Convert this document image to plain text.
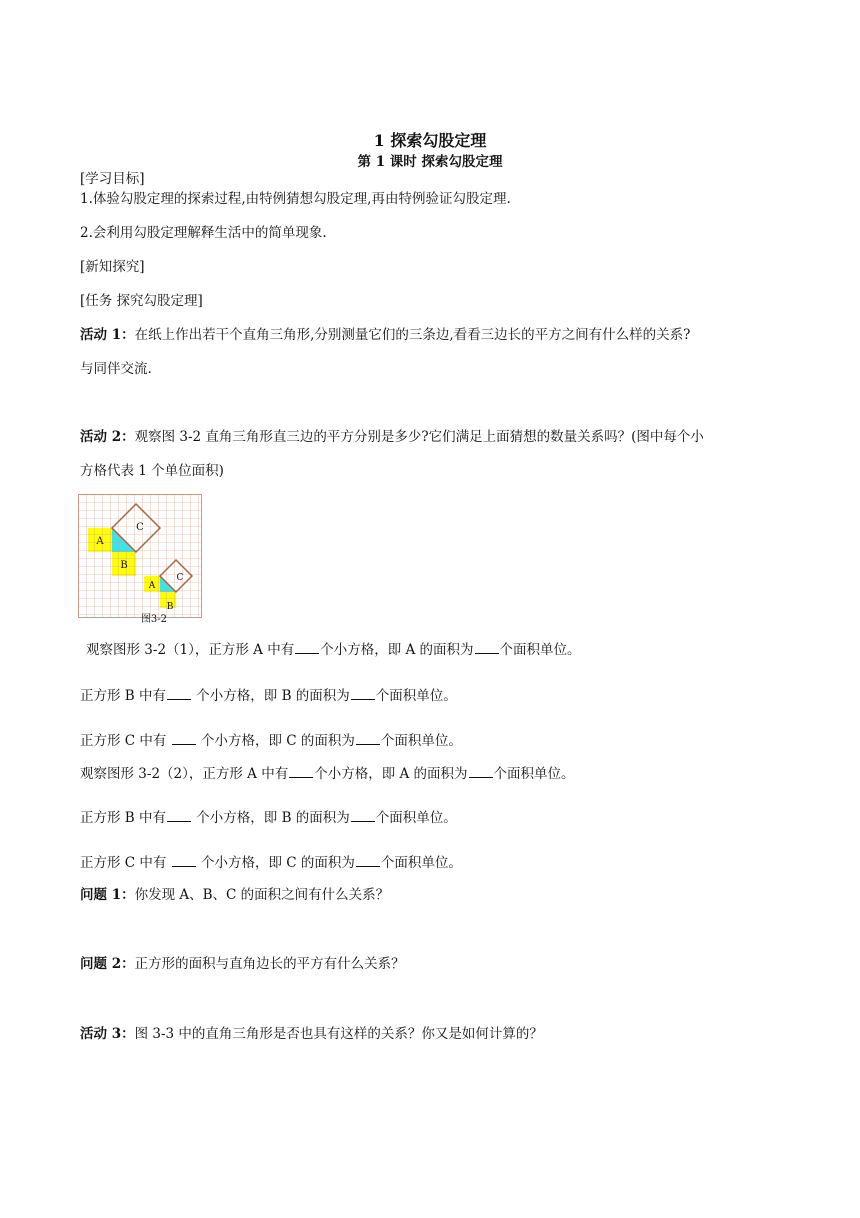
1 探索勾股定理
第 1 课时 探索勾股定理
[学习目标]
1.体验勾股定理的探索过程,由特例猜想勾股定理,再由特例验证勾股定理.
2.会利用勾股定理解释生活中的简单现象.
[新知探究]
[任务 探究勾股定理]
活动 1：在纸上作出若干个直角三角形,分别测量它们的三条边,看看三边长的平方之间有什么样的关系?
与同伴交流.
活动 2：观察图 3-2 直角三角形直三边的平方分别是多少?它们满足上面猜想的数量关系吗？(图中每个小
方格代表 1 个单位面积)
A
B
C
A
B
C
图3-2
观察图形 3-2（1），正方形 A 中有 个小方格，即 A 的面积为 个面积单位。
正方形 B 中有 个小方格，即 B 的面积为 个面积单位。
正方形 C 中有  个小方格，即 C 的面积为 个面积单位。
观察图形 3-2（2），正方形 A 中有 个小方格，即 A 的面积为 个面积单位。
正方形 B 中有 个小方格，即 B 的面积为 个面积单位。
正方形 C 中有  个小方格，即 C 的面积为 个面积单位。
问题 1：你发现 A、B、C 的面积之间有什么关系？
问题 2：正方形的面积与直角边长的平方有什么关系？
活动 3：图 3-3 中的直角三角形是否也具有这样的关系？你又是如何计算的？
